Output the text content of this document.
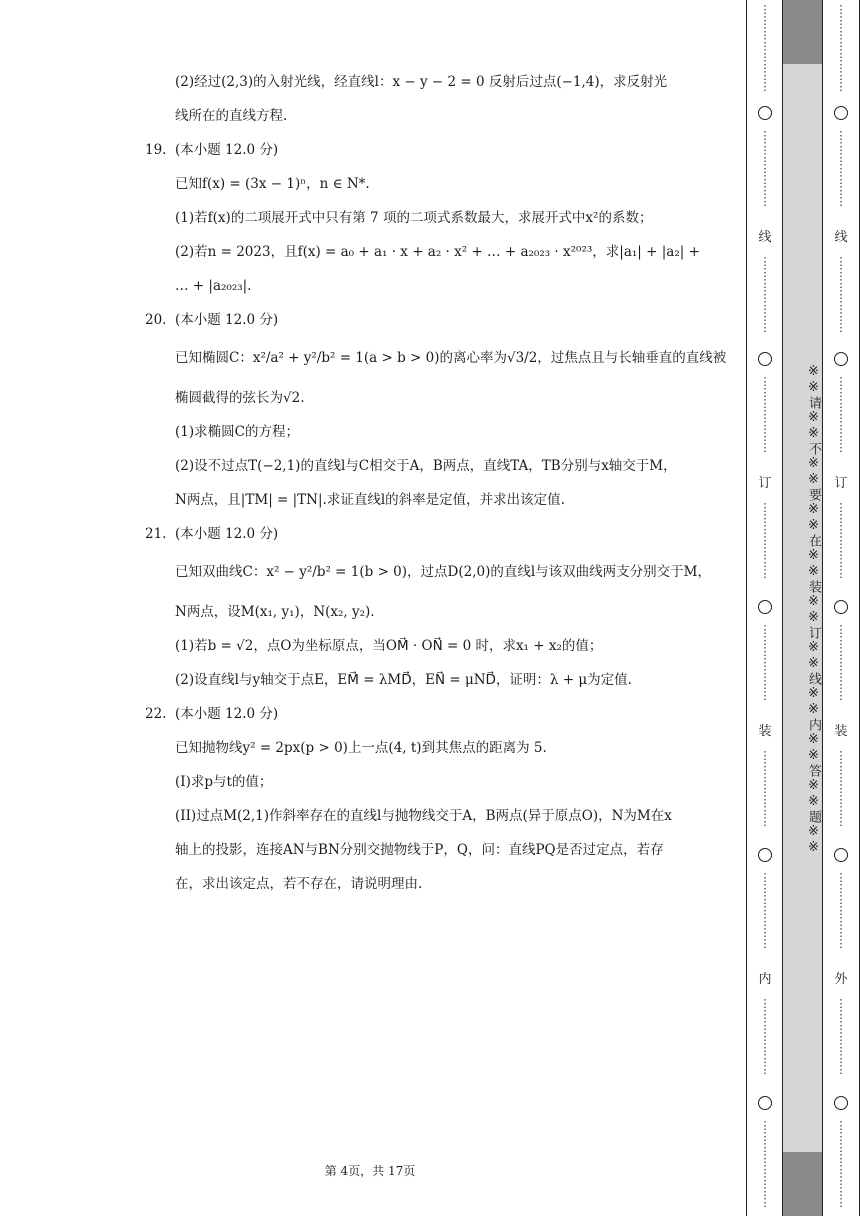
(2)经过(2,3)的入射光线，经直线l：x − y − 2 = 0 反射后过点(−1,4)，求反射光
线所在的直线方程.
19. (本小题 12.0 分)
已知f(x) = (3x − 1)ⁿ，n ∈ N*.
(1)若f(x)的二项展开式中只有第 7 项的二项式系数最大，求展开式中x²的系数；
(2)若n = 2023，且f(x) = a₀ + a₁ · x + a₂ · x² + … + a₂₀₂₃ · x²⁰²³，求|a₁| + |a₂| +
… + |a₂₀₂₃|.
20. (本小题 12.0 分)
已知椭圆C：x²/a² + y²/b² = 1(a > b > 0)的离心率为√3/2，过焦点且与长轴垂直的直线被
椭圆截得的弦长为√2.
(1)求椭圆C的方程；
(2)设不过点T(−2,1)的直线l与C相交于A，B两点，直线TA，TB分别与x轴交于M，
N两点，且|TM| = |TN|.求证直线l的斜率是定值，并求出该定值.
21. (本小题 12.0 分)
已知双曲线C：x² − y²/b² = 1(b > 0)，过点D(2,0)的直线l与该双曲线两支分别交于M，
N两点，设M(x₁, y₁)，N(x₂, y₂).
(1)若b = √2，点O为坐标原点，当OM⃗ · ON⃗ = 0 时，求x₁ + x₂的值；
(2)设直线l与y轴交于点E，EM⃗ = λMD⃗，EN⃗ = μND⃗，证明：λ + μ为定值.
22. (本小题 12.0 分)
已知抛物线y² = 2px(p > 0)上一点(4, t)到其焦点的距离为 5.
(I)求p与t的值；
(II)过点M(2,1)作斜率存在的直线l与抛物线交于A，B两点(异于原点O)，N为M在x
轴上的投影，连接AN与BN分别交抛物线于P，Q，问：直线PQ是否过定点，若存
在，求出该定点，若不存在，请说明理由.
第 4页，共 17页
⋮
⋮
⋮
⋮
⋮
⋮
⋮
⋮
⋮
⋮
⋮
⋮
⋮
⋮
⋮
线
⋮
⋮
⋮
⋮
⋮
⋮
⋮
⋮
⋮
⋮
⋮
⋮
⋮
⋮
订
⋮
⋮
⋮
⋮
⋮
⋮
⋮
⋮
⋮
⋮
⋮
⋮
⋮
⋮
装
⋮
⋮
⋮
⋮
⋮
⋮
⋮
⋮
⋮
⋮
⋮
⋮
⋮
⋮
内
⋮
⋮
⋮
⋮
⋮
⋮
⋮
⋮
⋮
⋮
⋮
⋮
⋮
⋮
⋮
※※请※※不※※要※※在※※装※※订※※线※※内※※答※※题※※
⋮
⋮
⋮
⋮
⋮
⋮
⋮
⋮
⋮
⋮
⋮
⋮
⋮
⋮
⋮
线
⋮
⋮
⋮
⋮
⋮
⋮
⋮
⋮
⋮
⋮
⋮
⋮
⋮
⋮
订
⋮
⋮
⋮
⋮
⋮
⋮
⋮
⋮
⋮
⋮
⋮
⋮
⋮
⋮
装
⋮
⋮
⋮
⋮
⋮
⋮
⋮
⋮
⋮
⋮
⋮
⋮
⋮
⋮
外
⋮
⋮
⋮
⋮
⋮
⋮
⋮
⋮
⋮
⋮
⋮
⋮
⋮
⋮
⋮
